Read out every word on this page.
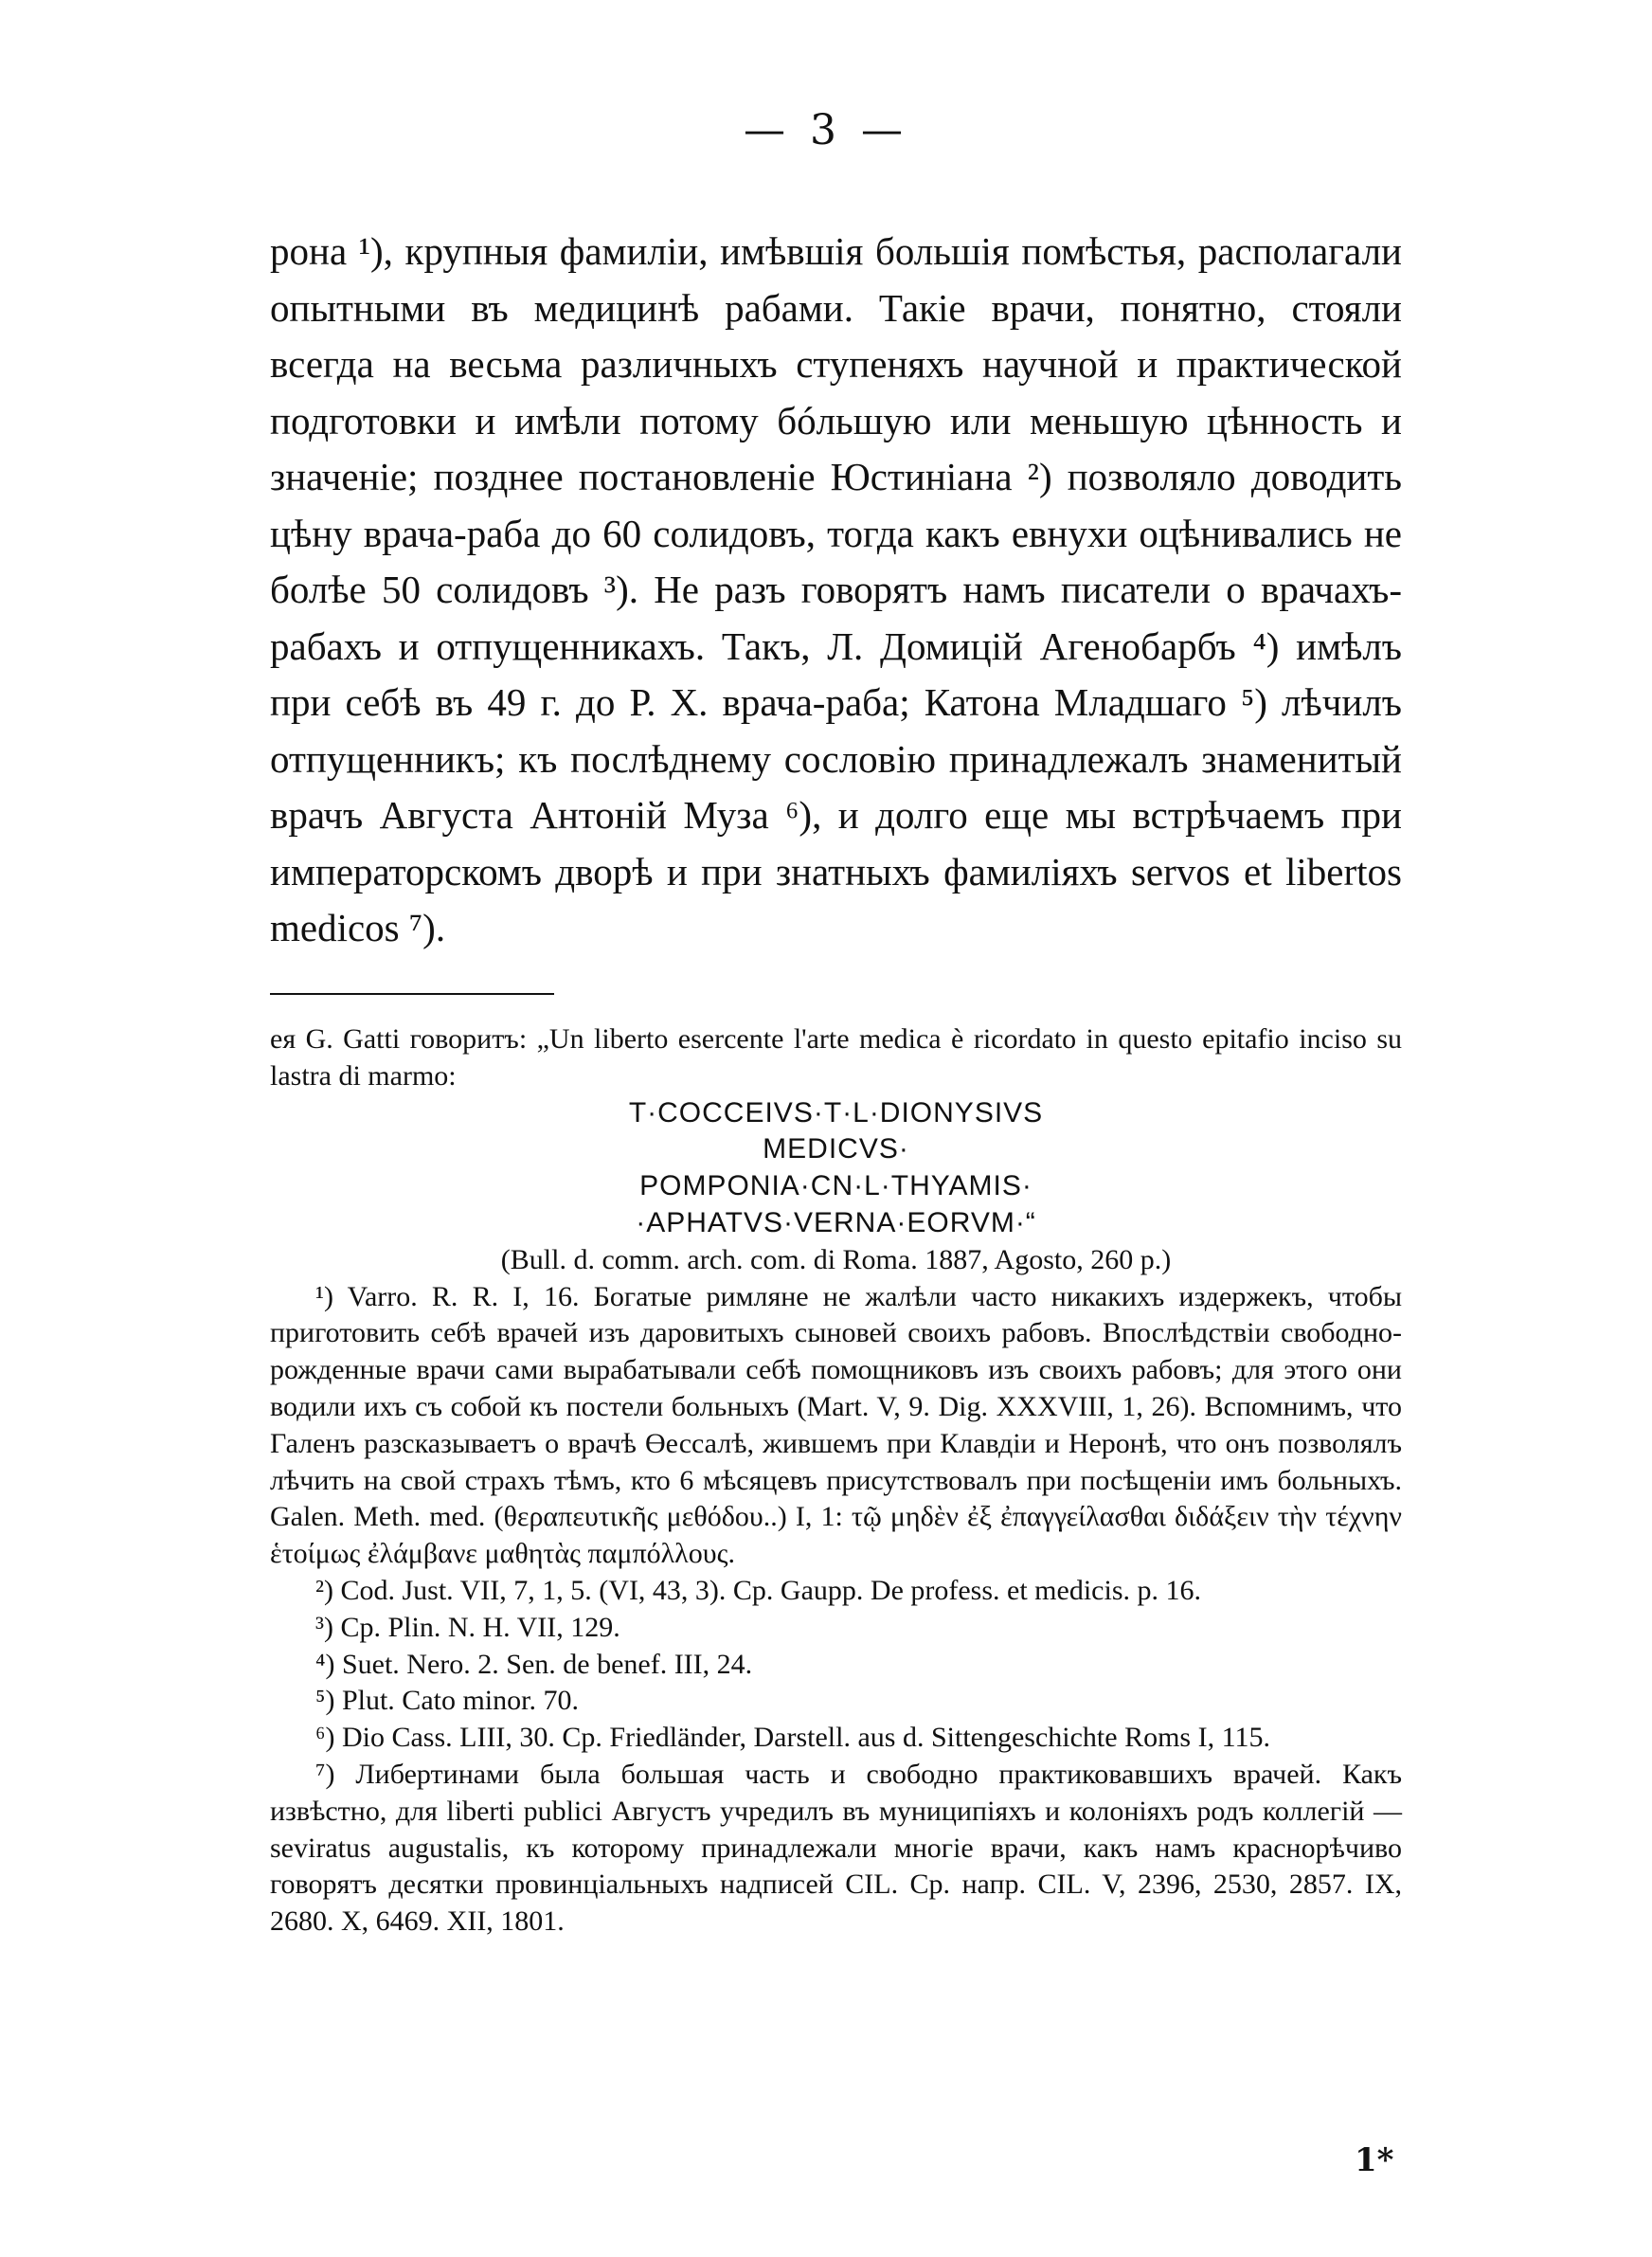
— 3 —

рона ¹), крупныя фамиліи, имѣвшія большія помѣстья, располагали опытными въ медицинѣ рабами. Такіе врачи, понятно, стояли всегда на весьма различныхъ ступеняхъ научной и практической подготовки и имѣли потому бóльшую или меньшую цѣнность и значеніе; позднее постановленіе Юстиніана ²) позволяло доводить цѣну врача-раба до 60 солидовъ, тогда какъ евнухи оцѣнивались не болѣе 50 солидовъ ³). Не разъ говорятъ намъ писатели о врачахъ-рабахъ и отпущенникахъ. Такъ, Л. Домицій Агенобарбъ ⁴) имѣлъ при себѣ въ 49 г. до Р. Х. врача-раба; Катона Младшаго ⁵) лѣчилъ отпущенникъ; къ послѣднему сословію принадлежалъ знаменитый врачъ Августа Антоній Муза ⁶), и долго еще мы встрѣчаемъ при императорскомъ дворѣ и при знатныхъ фамиліяхъ servos et libertos medicos ⁷).

ея G. Gatti говоритъ: „Un liberto esercente l'arte medica è ricordato in questo epitafio inciso su lastra di marmo:

T·COCCEIVS·T·L·DIONYSIVS

MEDICVS·

POMPONIA·CN·L·THYAMIS·

·APHATVS·VERNA·EORVM·“

(Bull. d. comm. arch. com. di Roma. 1887, Agosto, 260 p.)

¹) Varro. R. R. I, 16. Богатые римляне не жалѣли часто никакихъ издержекъ, чтобы приготовить себѣ врачей изъ даровитыхъ сыновей своихъ рабовъ. Впослѣдствіи свободно-рожденные врачи сами вырабатывали себѣ помощниковъ изъ своихъ рабовъ; для этого они водили ихъ съ собой къ постели больныхъ (Mart. V, 9. Dig. XXXVIII, 1, 26). Вспомнимъ, что Галенъ разсказываетъ о врачѣ Өессалѣ, жившемъ при Клавдіи и Неронѣ, что онъ позволялъ лѣчить на свой страхъ тѣмъ, кто 6 мѣсяцевъ присутствовалъ при посѣщеніи имъ больныхъ. Galen. Meth. med. (θεραπευτικῆς μεθόδου..) I, 1: τῷ μηδὲν ἐξ ἐπαγγείλασθαι διδάξειν τὴν τέχνην ἑτοίμως ἐλάμβανε μαθητὰς παμπόλλους.

²) Cod. Just. VII, 7, 1, 5. (VI, 43, 3). Ср. Gaupp. De profess. et medicis. p. 16.

³) Ср. Plin. N. H. VII, 129.

⁴) Suet. Nero. 2. Sen. de benef. III, 24.

⁵) Plut. Cato minor. 70.

⁶) Dio Cass. LIII, 30. Ср. Friedländer, Darstell. aus d. Sittengeschichte Roms I, 115.

⁷) Либертинами была большая часть и свободно практиковавшихъ врачей. Какъ извѣстно, для liberti publici Августъ учредилъ въ муниципіяхъ и колоніяхъ родъ коллегій — seviratus augustalis, къ которому принадлежали многіе врачи, какъ намъ краснорѣчиво говорятъ десятки провинціальныхъ надписей CIL. Ср. напр. CIL. V, 2396, 2530, 2857. IX, 2680. X, 6469. XII, 1801.

1*
